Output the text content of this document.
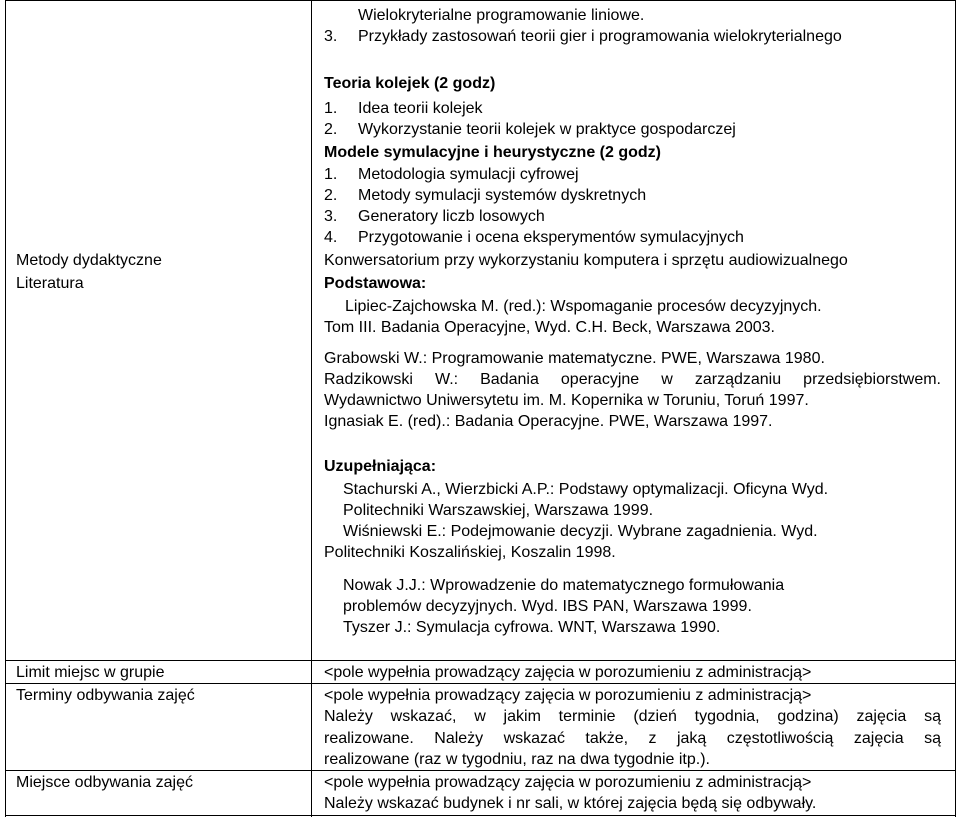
Wielokryterialne programowanie liniowe.
3. Przykłady zastosowań teorii gier i programowania wielokryterialnego
Teoria kolejek (2 godz)
1. Idea teorii kolejek
2. Wykorzystanie teorii kolejek w praktyce gospodarczej
Modele symulacyjne i heurystyczne (2 godz)
1. Metodologia symulacji cyfrowej
2. Metody symulacji systemów dyskretnych
3. Generatory liczb losowych
4. Przygotowanie i ocena eksperymentów symulacyjnych
Metody dydaktyczne	Konwersatorium przy wykorzystaniu komputera i sprzętu audiowizualnego
Literatura	Podstawowa:
Lipiec-Zajchowska M. (red.): Wspomaganie procesów decyzyjnych.
Tom III. Badania Operacyjne, Wyd. C.H. Beck, Warszawa 2003.
Grabowski W.: Programowanie matematyczne. PWE, Warszawa 1980.
Radzikowski W.: Badania operacyjne w zarządzaniu przedsiębiorstwem.
Wydawnictwo Uniwersytetu im. M. Kopernika w Toruniu, Toruń 1997.
Ignasiak E. (red).: Badania Operacyjne. PWE, Warszawa 1997.
Uzupełniająca:
Stachurski A., Wierzbicki A.P.: Podstawy optymalizacji. Oficyna Wyd.
Politechniki Warszawskiej, Warszawa 1999.
Wiśniewski E.: Podejmowanie decyzji. Wybrane zagadnienia. Wyd.
Politechniki Koszalińskiej, Koszalin 1998.
Nowak J.J.: Wprowadzenie do matematycznego formułowania
problemów decyzyjnych. Wyd. IBS PAN, Warszawa 1999.
Tyszer J.: Symulacja cyfrowa. WNT, Warszawa 1990.
Limit miejsc w grupie	<pole wypełnia prowadzący zajęcia w porozumieniu z administracją>
Terminy odbywania zajęć	<pole wypełnia prowadzący zajęcia w porozumieniu z administracją>
Należy wskazać, w jakim terminie (dzień tygodnia, godzina) zajęcia są
realizowane. Należy wskazać także, z jaką częstotliwością zajęcia są
realizowane (raz w tygodniu, raz na dwa tygodnie itp.).
Miejsce odbywania zajęć	<pole wypełnia prowadzący zajęcia w porozumieniu z administracją>
Należy wskazać budynek i nr sali, w której zajęcia będą się odbywały.
